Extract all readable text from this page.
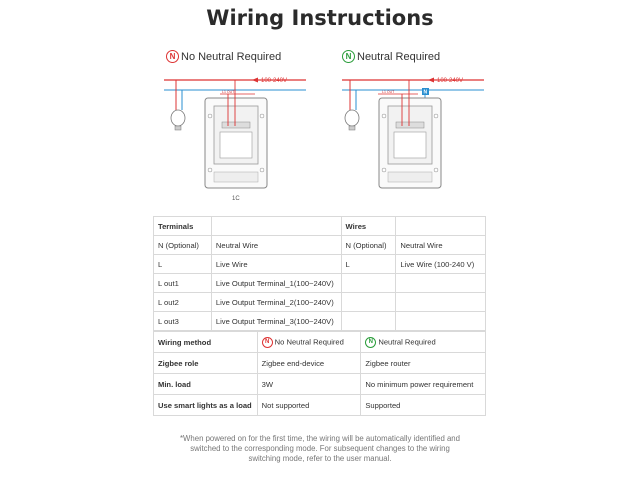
Wiring Instructions
N No Neutral Required	N Neutral Required
100-240V
L1 OUT
1C
100-240V
L1 OUT	N
Terminals		Wires	
N (Optional)	Neutral Wire	N (Optional)	Neutral Wire
L	Live Wire	L	Live Wire (100-240 V)
L out1	Live Output Terminal_1(100~240V)		
L out2	Live Output Terminal_2(100~240V)		
L out3	Live Output Terminal_3(100~240V)		
Wiring method	N No Neutral Required	N Neutral Required
Zigbee role	Zigbee end-device	Zigbee router
Min. load	3W	No minimum power requirement
Use smart lights as a load	Not supported	Supported
*When powered on for the first time, the wiring will be automatically identified and switched to the corresponding mode. For subsequent changes to the wiring switching mode, refer to the user manual.
